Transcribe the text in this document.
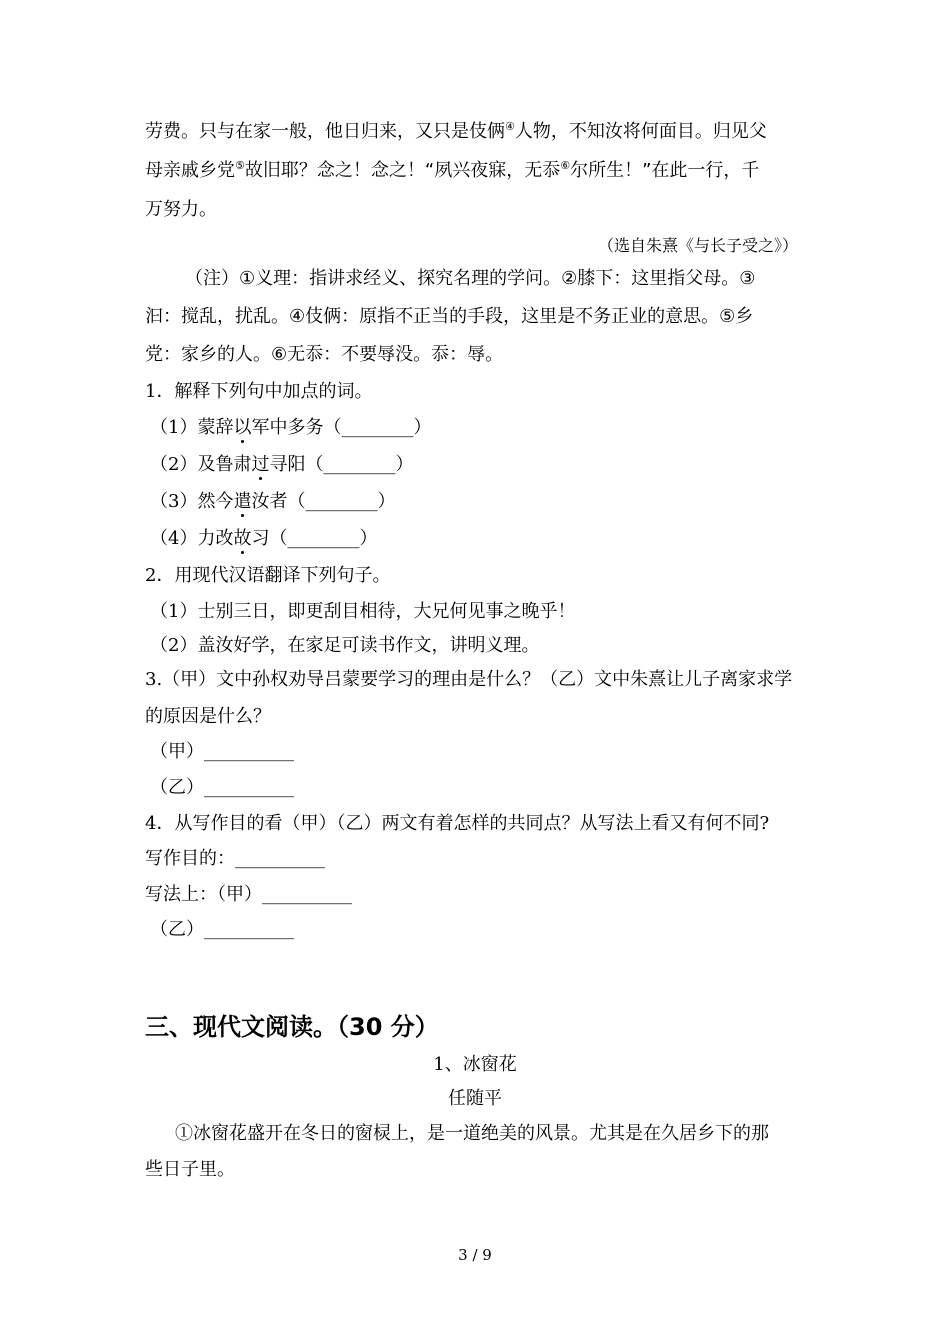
劳费。只与在家一般，他日归来，又只是伎俩④人物，不知汝将何面目。归见父
母亲戚乡党⑤故旧耶？念之！念之！“夙兴夜寐，无忝⑥尔所生！”在此一行，千
万努力。
（选自朱熹《与长子受之》）
（注）①义理：指讲求经义、探究名理的学问。②膝下：这里指父母。③
汩：搅乱，扰乱。④伎俩：原指不正当的手段，这里是不务正业的意思。⑤乡
党：家乡的人。⑥无忝：不要辱没。忝：辱。
1．解释下列句中加点的词。
（1）蒙辞以军中多务（________）
（2）及鲁肃过寻阳（________）
（3）然今遣汝者（________）
（4）力改故习（________）
2．用现代汉语翻译下列句子。
（1）士别三日，即更刮目相待，大兄何见事之晚乎！
（2）盖汝好学，在家足可读书作文，讲明义理。
3.（甲）文中孙权劝导吕蒙要学习的理由是什么？（乙）文中朱熹让儿子离家求学
的原因是什么？
（甲）__________
（乙）__________
4．从写作目的看（甲）（乙）两文有着怎样的共同点？从写法上看又有何不同?
写作目的：__________
写法上：（甲）__________
（乙）__________
三、现代文阅读。（30 分）
1、冰窗花
任随平
①冰窗花盛开在冬日的窗棂上，是一道绝美的风景。尤其是在久居乡下的那
些日子里。
3 / 9
